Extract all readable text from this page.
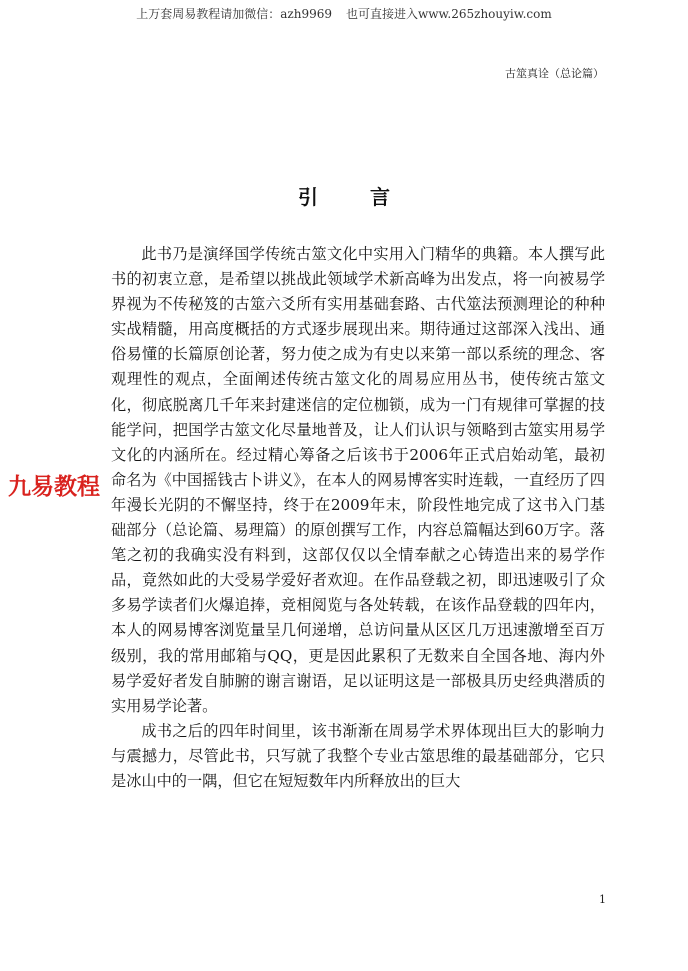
上万套周易教程请加微信：azh9969 也可直接进入www.265zhouyiw.com
古筮真诠（总论篇）
引言

此书乃是演绎国学传统古筮文化中实用入门精华的典籍。本人撰写此书的初衷立意，是希望以挑战此领域学术新高峰为出发点，将一向被易学界视为不传秘笈的古筮六爻所有实用基础套路、古代筮法预测理论的种种实战精髓，用高度概括的方式逐步展现出来。期待通过这部深入浅出、通俗易懂的长篇原创论著，努力使之成为有史以来第一部以系统的理念、客观理性的观点，全面阐述传统古筮文化的周易应用丛书，使传统古筮文化，彻底脱离几千年来封建迷信的定位枷锁，成为一门有规律可掌握的技能学问，把国学古筮文化尽量地普及，让人们认识与领略到古筮实用易学文化的内涵所在。经过精心筹备之后该书于2006年正式启始动笔，最初命名为《中国摇钱古卜讲义》，在本人的网易博客实时连载，一直经历了四年漫长光阴的不懈坚持，终于在2009年末，阶段性地完成了这书入门基础部分（总论篇、易理篇）的原创撰写工作，内容总篇幅达到60万字。落笔之初的我确实没有料到，这部仅仅以全情奉献之心铸造出来的易学作品，竟然如此的大受易学爱好者欢迎。在作品登载之初，即迅速吸引了众多易学读者们火爆追捧，竞相阅览与各处转载，在该作品登载的四年内，本人的网易博客浏览量呈几何递增，总访问量从区区几万迅速激增至百万级别，我的常用邮箱与QQ，更是因此累积了无数来自全国各地、海内外易学爱好者发自肺腑的谢言谢语，足以证明这是一部极具历史经典潜质的实用易学论著。

成书之后的四年时间里，该书渐渐在周易学术界体现出巨大的影响力与震撼力，尽管此书，只写就了我整个专业古筮思维的最基础部分，它只是冰山中的一隅，但它在短短数年内所释放出的巨大

九易教程
1
